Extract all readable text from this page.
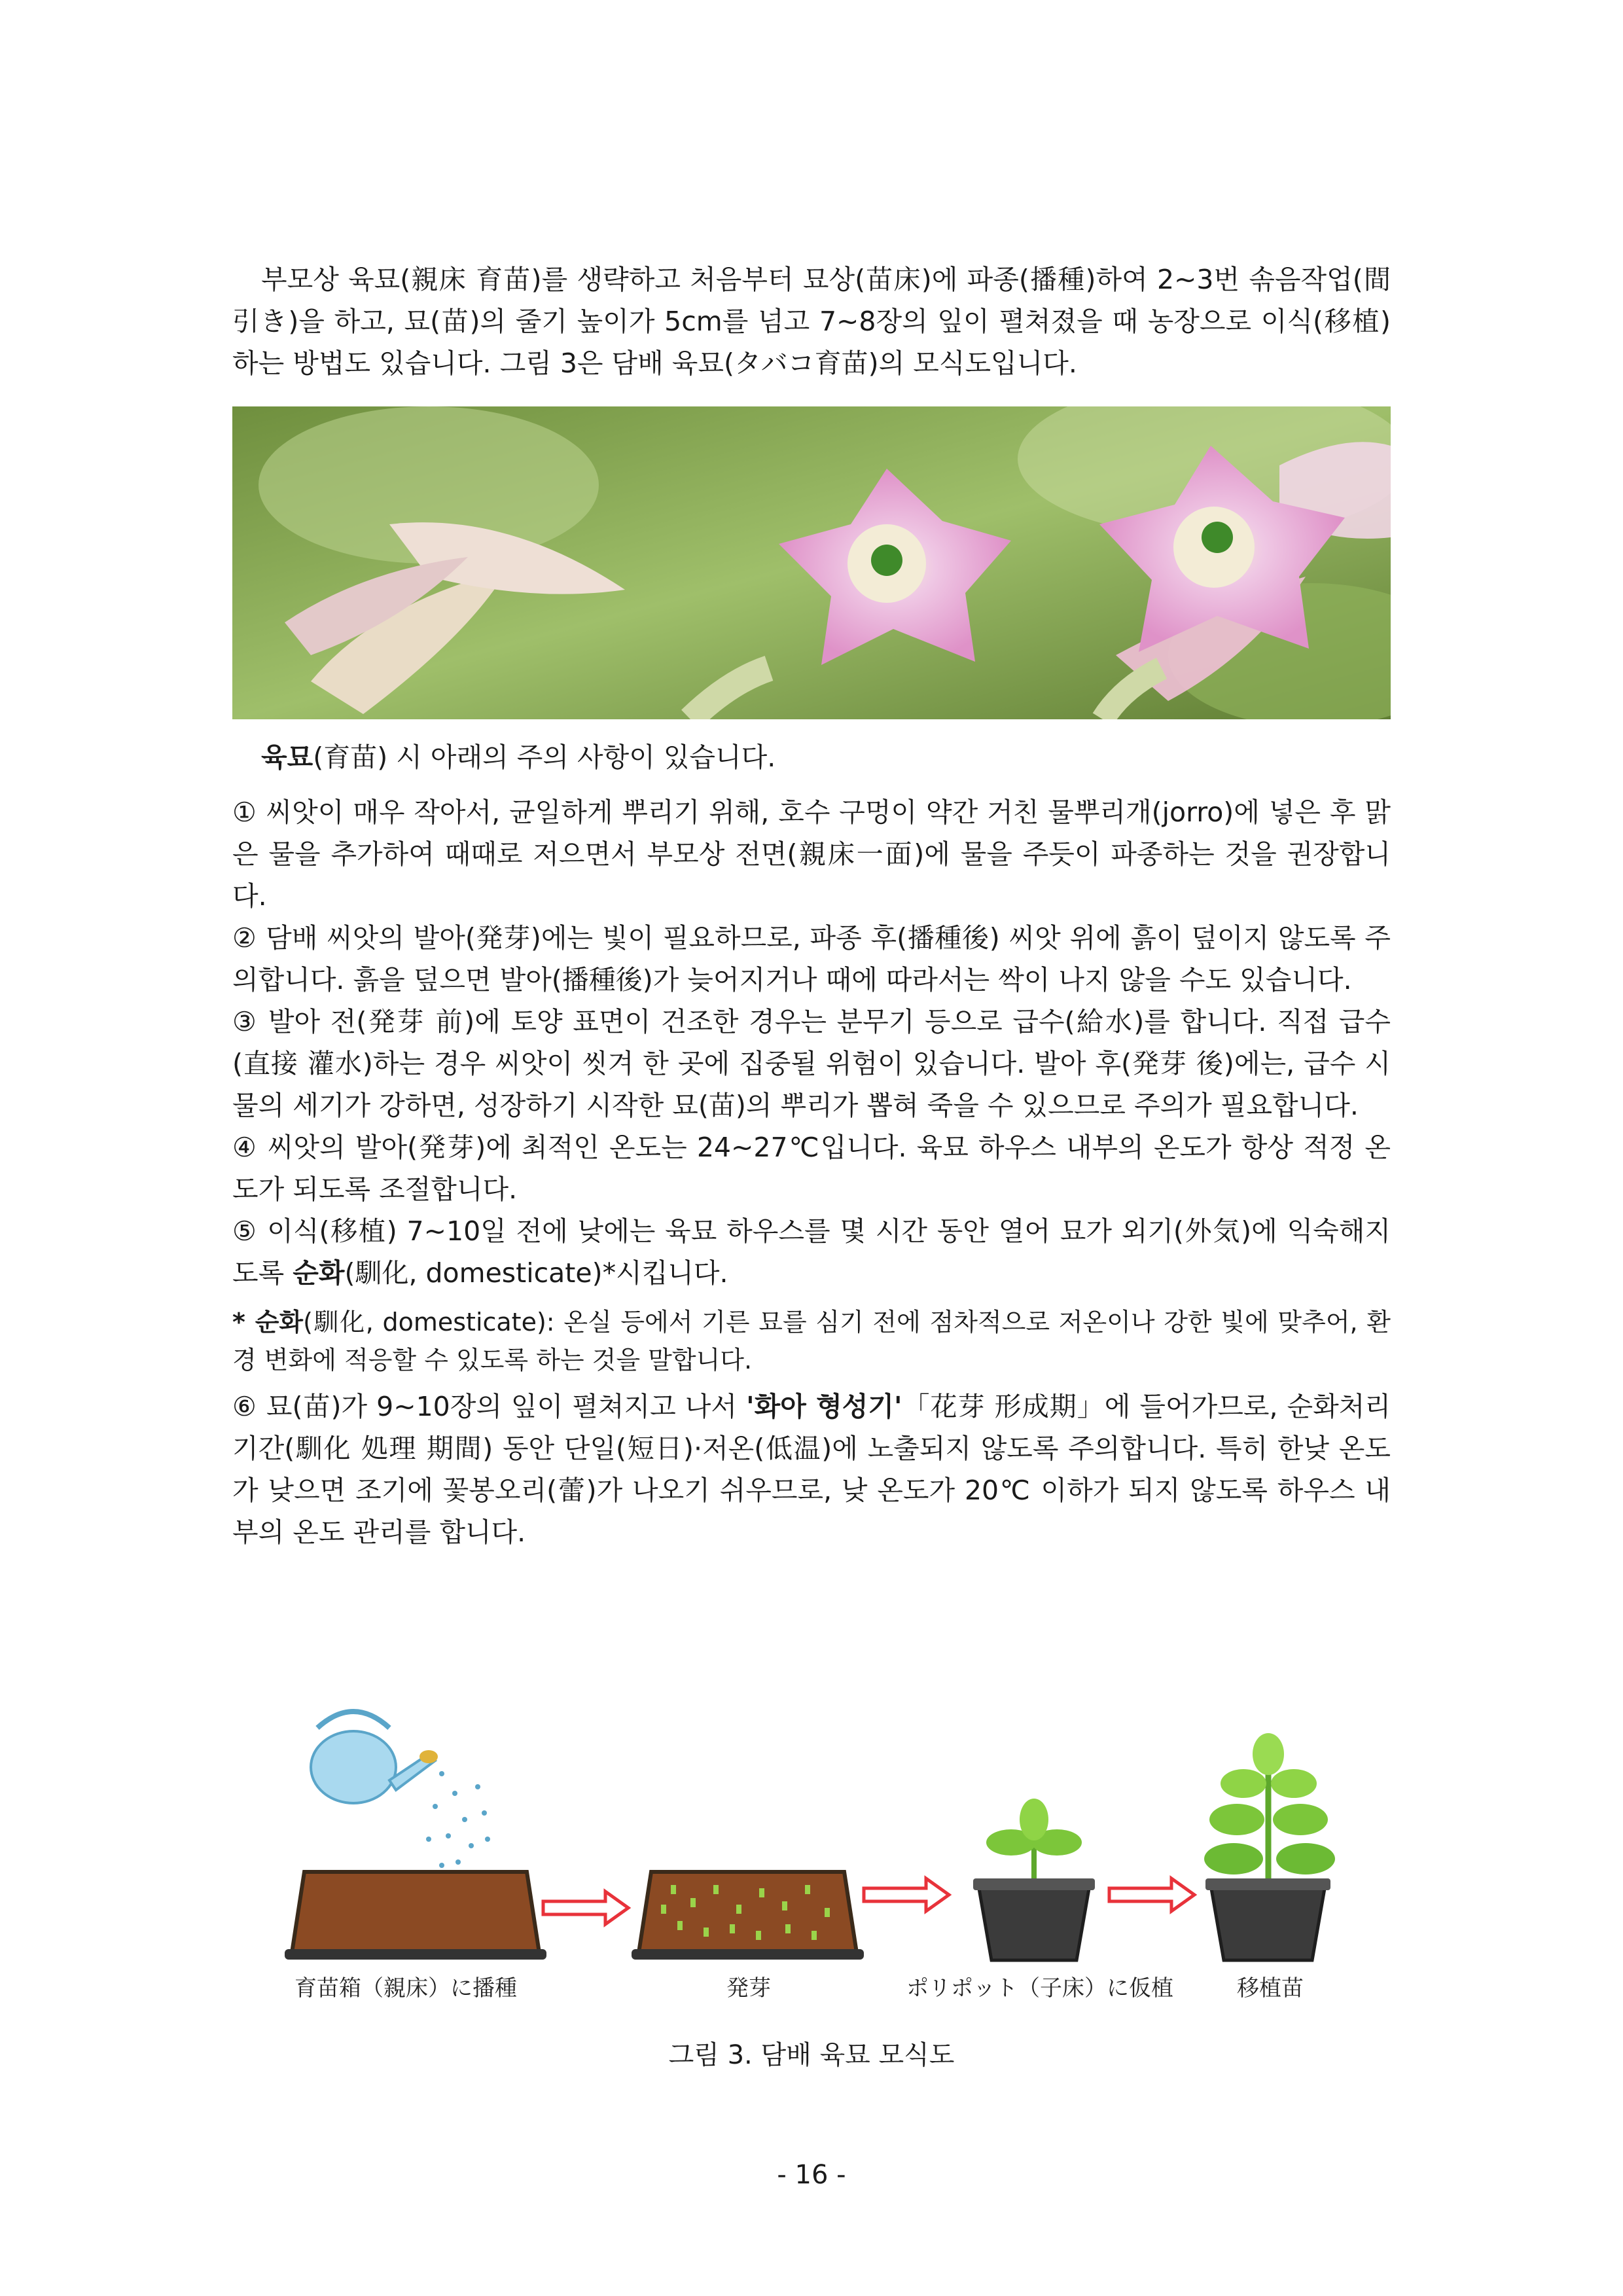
부모상 육묘(親床 育苗)를 생략하고 처음부터 묘상(苗床)에 파종(播種)하여 2~3번 솎음작업(間引き)을 하고, 묘(苗)의 줄기 높이가 5cm를 넘고 7~8장의 잎이 펼쳐졌을 때 농장으로 이식(移植)하는 방법도 있습니다. 그림 3은 담배 육묘(タバコ育苗)의 모식도입니다.

육묘(育苗) 시 아래의 주의 사항이 있습니다.

① 씨앗이 매우 작아서, 균일하게 뿌리기 위해, 호수 구멍이 약간 거친 물뿌리개(jorro)에 넣은 후 맑은 물을 추가하여 때때로 저으면서 부모상 전면(親床一面)에 물을 주듯이 파종하는 것을 권장합니다.

② 담배 씨앗의 발아(発芽)에는 빛이 필요하므로, 파종 후(播種後) 씨앗 위에 흙이 덮이지 않도록 주의합니다. 흙을 덮으면 발아(播種後)가 늦어지거나 때에 따라서는 싹이 나지 않을 수도 있습니다.

③ 발아 전(発芽 前)에 토양 표면이 건조한 경우는 분무기 등으로 급수(給水)를 합니다. 직접 급수(直接 灌水)하는 경우 씨앗이 씻겨 한 곳에 집중될 위험이 있습니다. 발아 후(発芽 後)에는, 급수 시 물의 세기가 강하면, 성장하기 시작한 묘(苗)의 뿌리가 뽑혀 죽을 수 있으므로 주의가 필요합니다.

④ 씨앗의 발아(発芽)에 최적인 온도는 24~27℃입니다. 육묘 하우스 내부의 온도가 항상 적정 온도가 되도록 조절합니다.

⑤ 이식(移植) 7~10일 전에 낮에는 육묘 하우스를 몇 시간 동안 열어 묘가 외기(外気)에 익숙해지도록 순화(馴化, domesticate)*시킵니다.

* 순화(馴化, domesticate): 온실 등에서 기른 묘를 심기 전에 점차적으로 저온이나 강한 빛에 맞추어, 환경 변화에 적응할 수 있도록 하는 것을 말합니다.

⑥ 묘(苗)가 9~10장의 잎이 펼쳐지고 나서 '화아 형성기'「花芽 形成期」에 들어가므로, 순화처리 기간(馴化 処理 期間) 동안 단일(短日)·저온(低温)에 노출되지 않도록 주의합니다. 특히 한낮 온도가 낮으면 조기에 꽃봉오리(蕾)가 나오기 쉬우므로, 낮 온도가 20℃ 이하가 되지 않도록 하우스 내부의 온도 관리를 합니다.

育苗箱（親床）に播種	発芽	ポリポット（子床）に仮植	移植苗
그림 3. 담배 육묘 모식도
- 16 -
